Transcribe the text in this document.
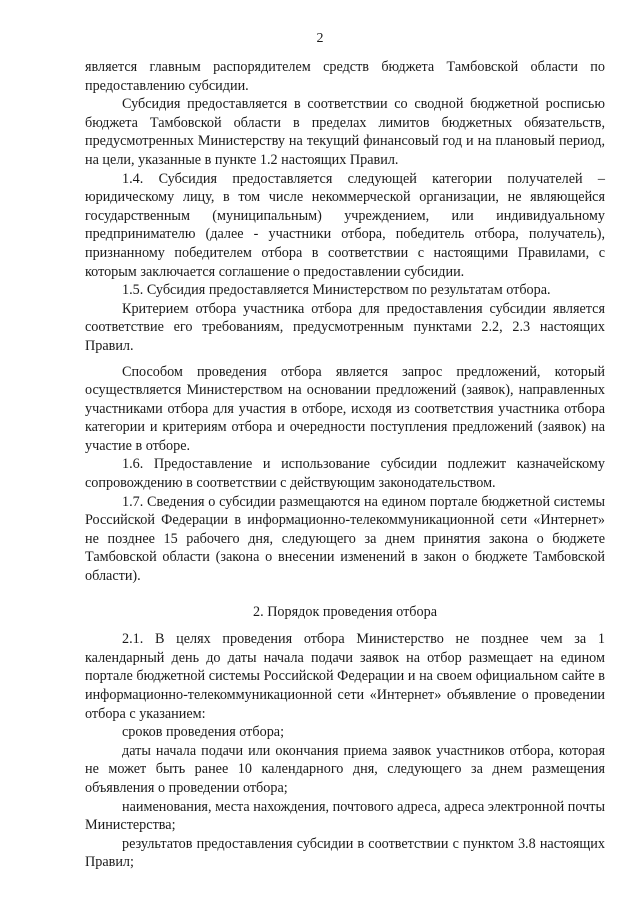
2

является главным распорядителем средств бюджета Тамбовской области по предоставлению субсидии.

Субсидия предоставляется в соответствии со сводной бюджетной росписью бюджета Тамбовской области в пределах лимитов бюджетных обязательств, предусмотренных Министерству на текущий финансовый год и на плановый период, на цели, указанные в пункте 1.2 настоящих Правил.

1.4. Субсидия предоставляется следующей категории получателей – юридическому лицу, в том числе некоммерческой организации, не являющейся государственным (муниципальным) учреждением, или индивидуальному предпринимателю (далее - участники отбора, победитель отбора, получатель), признанному победителем отбора в соответствии с настоящими Правилами, с которым заключается соглашение о предоставлении субсидии.

1.5. Субсидия предоставляется Министерством по результатам отбора.

Критерием отбора участника отбора для предоставления субсидии является соответствие его требованиям, предусмотренным пунктами 2.2, 2.3 настоящих Правил.

Способом проведения отбора является запрос предложений, который осуществляется Министерством на основании предложений (заявок), направленных участниками отбора для участия в отборе, исходя из соответствия участника отбора категории и критериям отбора и очередности поступления предложений (заявок) на участие в отборе.

1.6. Предоставление и использование субсидии подлежит казначейскому сопровождению в соответствии с действующим законодательством.

1.7. Сведения о субсидии размещаются на едином портале бюджетной системы Российской Федерации в информационно-телекоммуникационной сети «Интернет» не позднее 15 рабочего дня, следующего за днем принятия закона о бюджете Тамбовской области (закона о внесении изменений в закон о бюджете Тамбовской области).

2. Порядок проведения отбора

2.1. В целях проведения отбора Министерство не позднее чем за 1 календарный день до даты начала подачи заявок на отбор размещает на едином портале бюджетной системы Российской Федерации и на своем официальном сайте в информационно-телекоммуникационной сети «Интернет» объявление о проведении отбора с указанием:

сроков проведения отбора;

даты начала подачи или окончания приема заявок участников отбора, которая не может быть ранее 10 календарного дня, следующего за днем размещения объявления о проведении отбора;

наименования, места нахождения, почтового адреса, адреса электронной почты Министерства;

результатов предоставления субсидии в соответствии с пунктом 3.8 настоящих Правил;
